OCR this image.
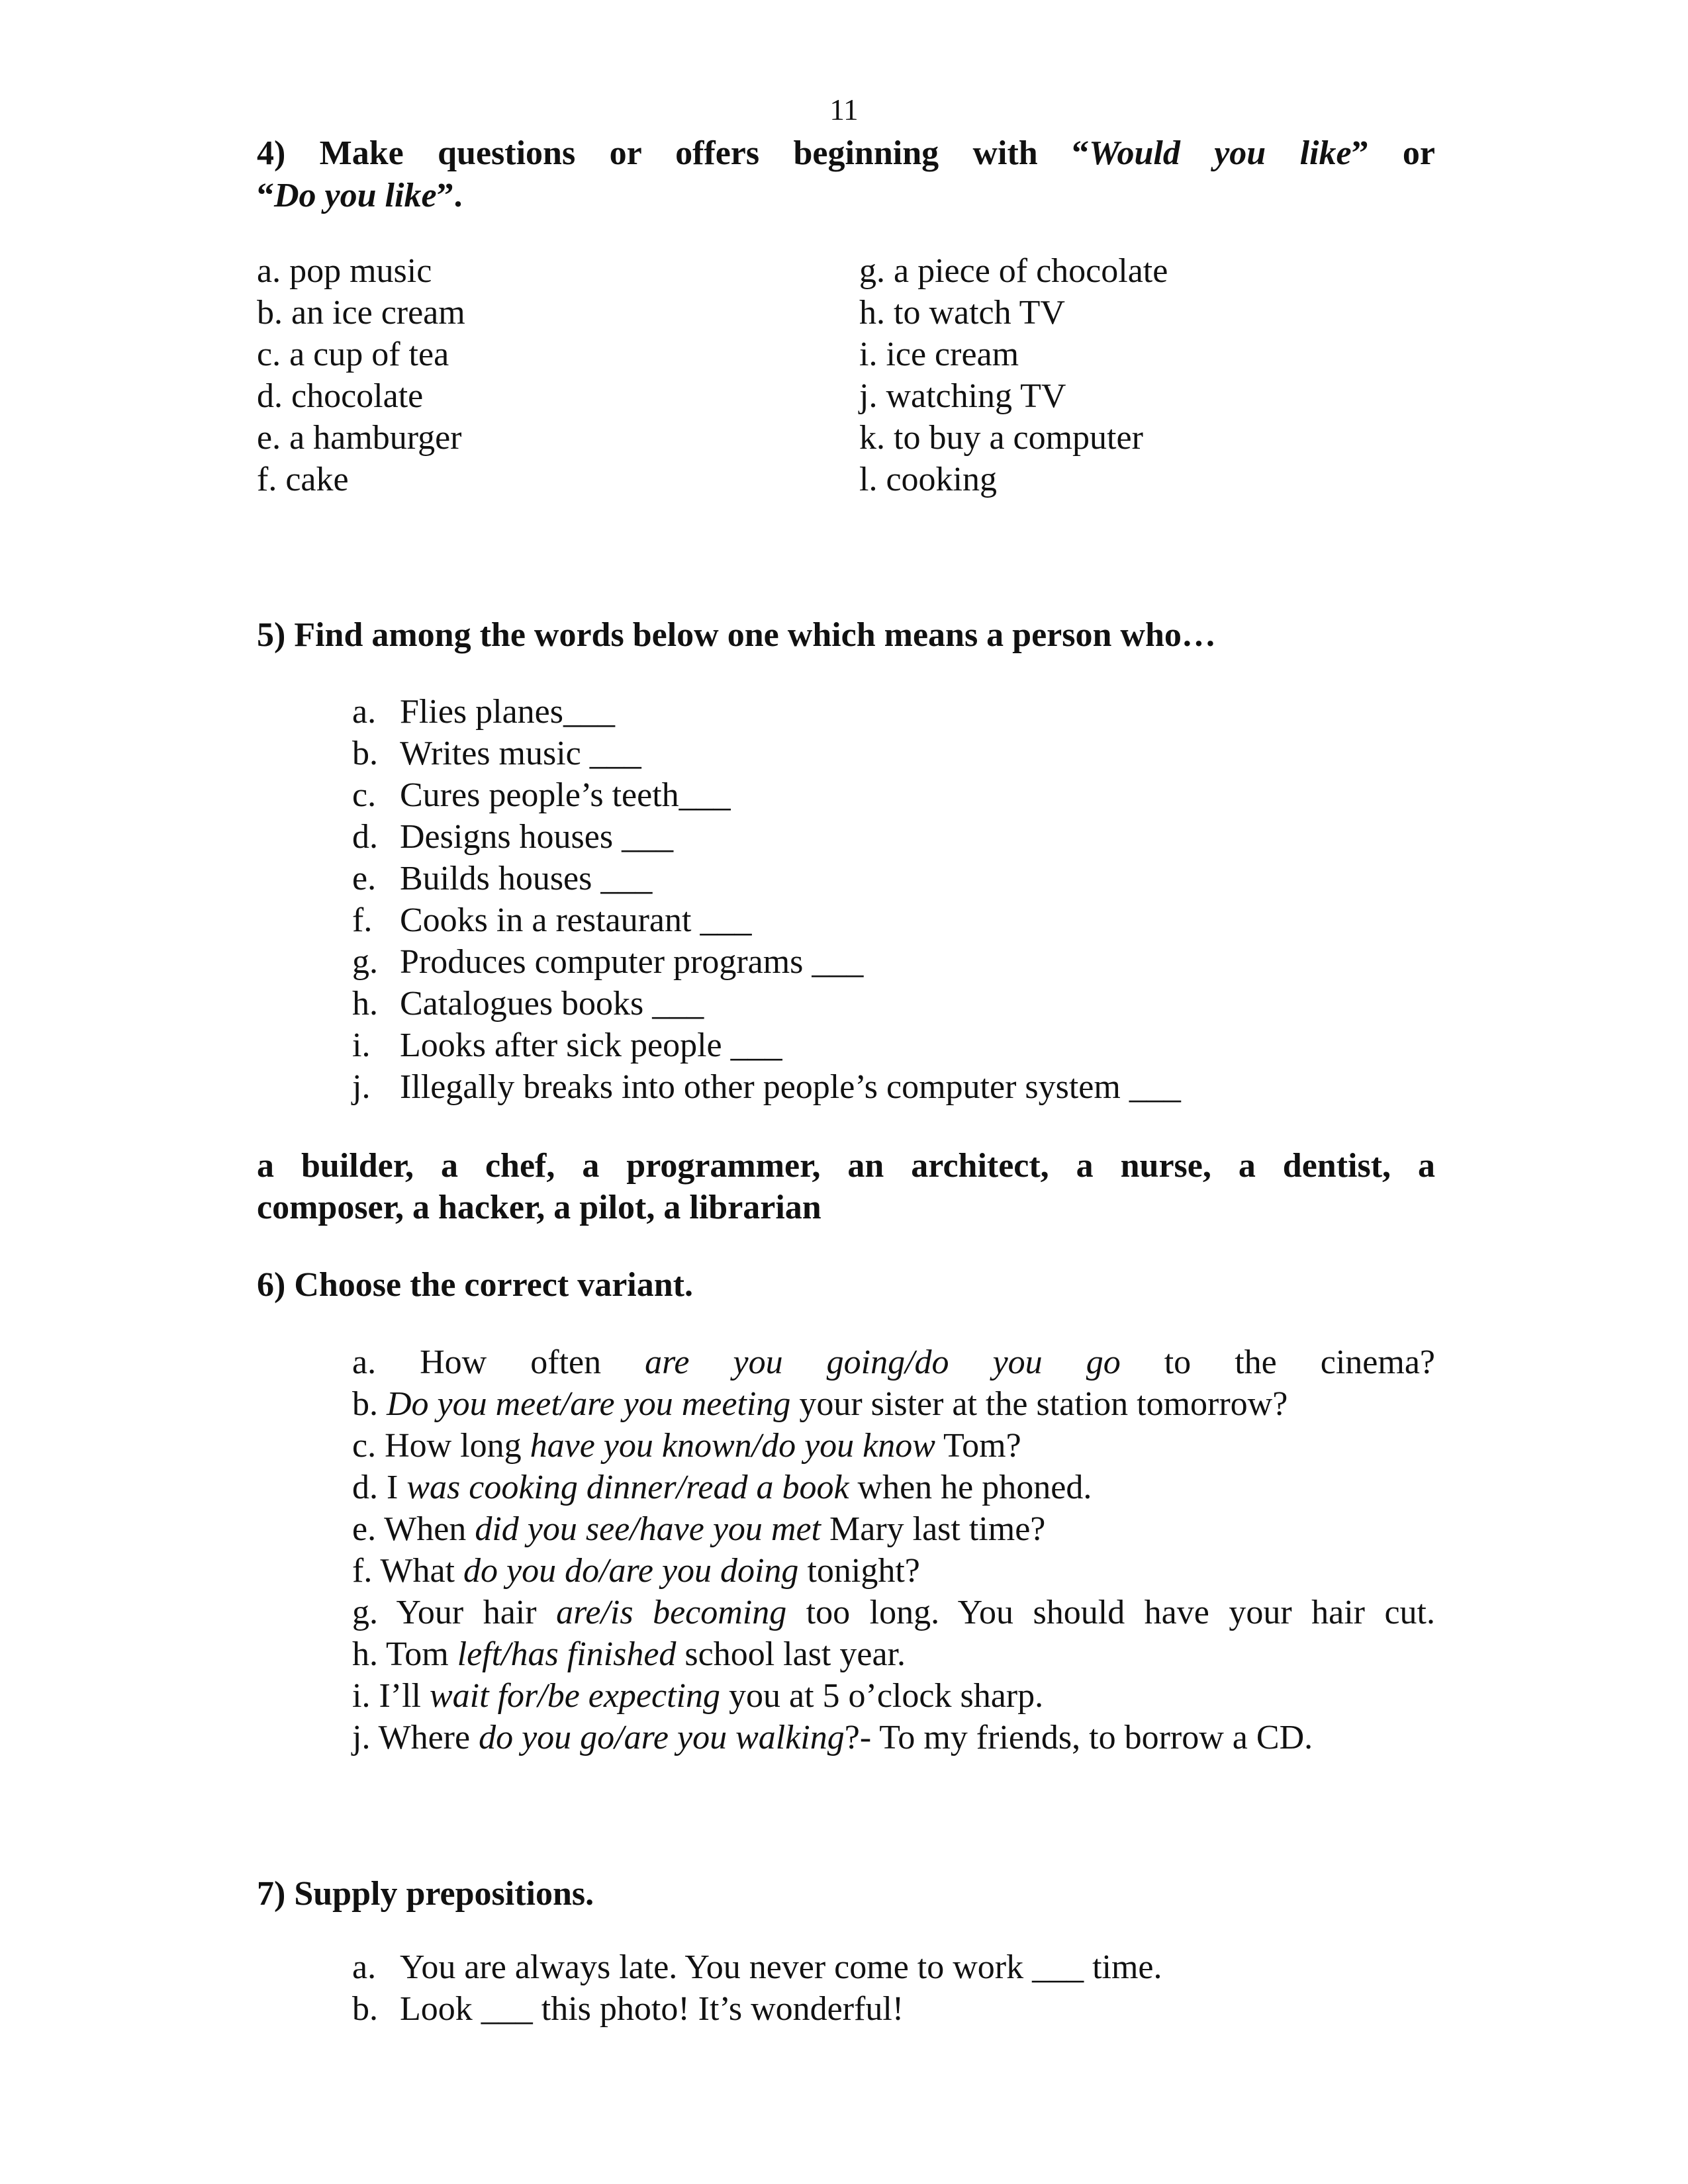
11
4) Make questions or offers beginning with “Would you like” or
“Do you like”.
a. pop music
b. an ice cream
c. a cup of tea
d. chocolate
e. a hamburger
f. cake
g. a piece of chocolate
h. to watch TV
i. ice cream
j. watching TV
k. to buy a computer
l. cooking
5) Find among the words below one which means a person who…
a. Flies planes___
b. Writes music ___
c. Cures people’s teeth___
d. Designs houses ___
e. Builds houses ___
f. Cooks in a restaurant ___
g. Produces computer programs ___
h. Catalogues books ___
i. Looks after sick people ___
j. Illegally breaks into other people’s computer system ___
a builder, a chef, a programmer, an architect, a nurse, a dentist, a
composer, a hacker, a pilot, a librarian
6) Choose the correct variant.
a. How often are you going/do you go to the cinema?
b. Do you meet/are you meeting your sister at the station tomorrow?
c. How long have you known/do you know Tom?
d. I was cooking dinner/read a book when he phoned.
e. When did you see/have you met Mary last time?
f. What do you do/are you doing tonight?
g. Your hair are/is becoming too long. You should have your hair cut.
h. Tom left/has finished school last year.
i. I’ll wait for/be expecting you at 5 o’clock sharp.
j. Where do you go/are you walking?- To my friends, to borrow a CD.
7) Supply prepositions.
a. You are always late. You never come to work ___ time.
b. Look ___ this photo! It’s wonderful!
